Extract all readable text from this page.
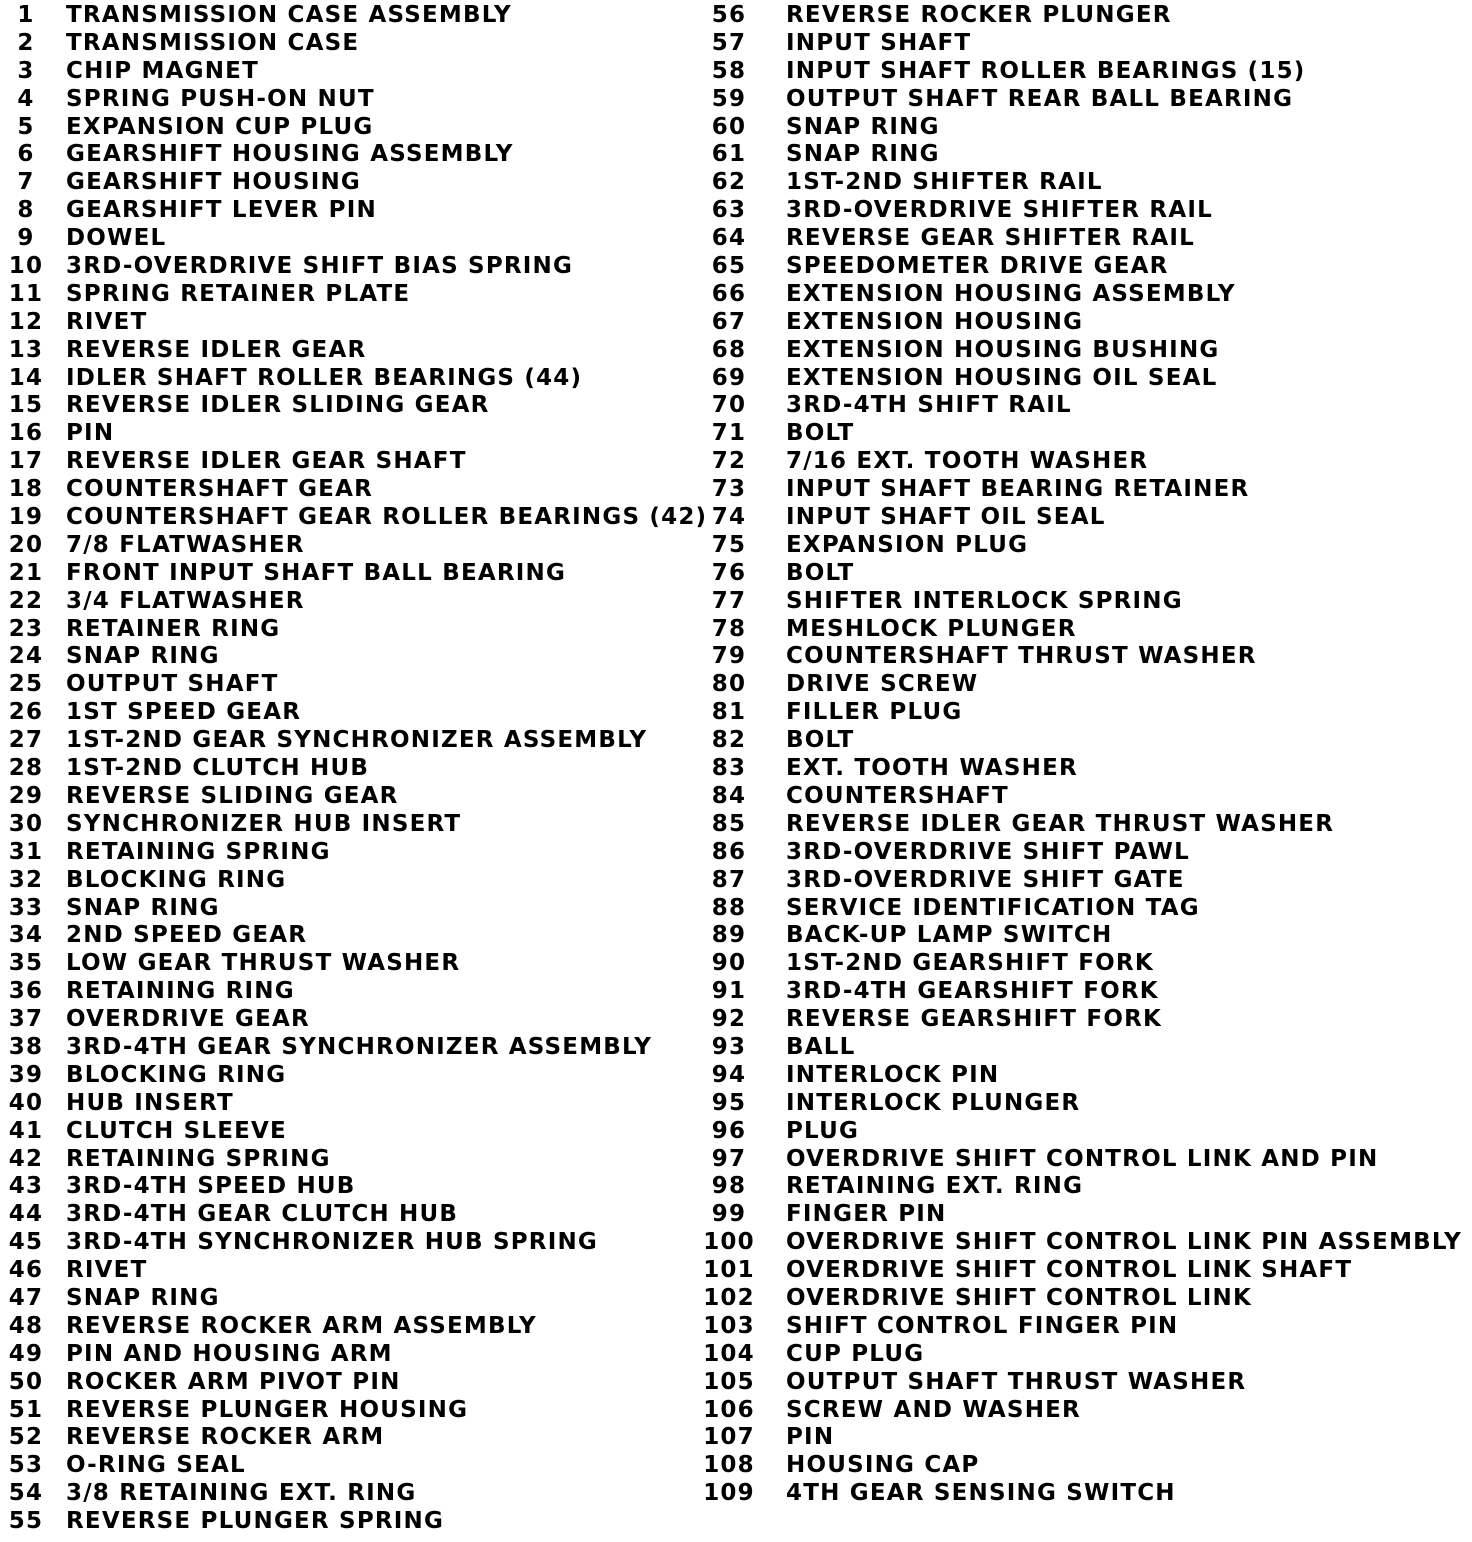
1	TRANSMISSION CASE ASSEMBLY
2	TRANSMISSION CASE
3	CHIP MAGNET
4	SPRING PUSH-ON NUT
5	EXPANSION CUP PLUG
6	GEARSHIFT HOUSING ASSEMBLY
7	GEARSHIFT HOUSING
8	GEARSHIFT LEVER PIN
9	DOWEL
10 3RD-OVERDRIVE SHIFT BIAS SPRING
11 SPRING RETAINER PLATE
12 RIVET
13 REVERSE IDLER GEAR
14 IDLER SHAFT ROLLER BEARINGS (44)
15 REVERSE IDLER SLIDING GEAR
16 PIN
17 REVERSE IDLER GEAR SHAFT
18 COUNTERSHAFT GEAR
19 COUNTERSHAFT GEAR ROLLER BEARINGS (42)
20 7/8 FLATWASHER
21 FRONT INPUT SHAFT BALL BEARING
22 3/4 FLATWASHER
23 RETAINER RING
24 SNAP RING
25 OUTPUT SHAFT
26 1ST SPEED GEAR
27 1ST-2ND GEAR SYNCHRONIZER ASSEMBLY
28 1ST-2ND CLUTCH HUB
29 REVERSE SLIDING GEAR
30 SYNCHRONIZER HUB INSERT
31 RETAINING SPRING
32 BLOCKING RING
33 SNAP RING
34 2ND SPEED GEAR
35 LOW GEAR THRUST WASHER
36 RETAINING RING
37 OVERDRIVE GEAR
38 3RD-4TH GEAR SYNCHRONIZER ASSEMBLY
39 BLOCKING RING
40 HUB INSERT
41 CLUTCH SLEEVE
42 RETAINING SPRING
43 3RD-4TH SPEED HUB
44 3RD-4TH GEAR CLUTCH HUB
45 3RD-4TH SYNCHRONIZER HUB SPRING
46 RIVET
47 SNAP RING
48 REVERSE ROCKER ARM ASSEMBLY
49 PIN AND HOUSING ARM
50 ROCKER ARM PIVOT PIN
51 REVERSE PLUNGER HOUSING
52 REVERSE ROCKER ARM
53 O-RING SEAL
54 3/8 RETAINING EXT. RING
55 REVERSE PLUNGER SPRING
56	REVERSE ROCKER PLUNGER
57	INPUT SHAFT
58	INPUT SHAFT ROLLER BEARINGS (15)
59	OUTPUT SHAFT REAR BALL BEARING
60	SNAP RING
61	SNAP RING
62	1ST-2ND SHIFTER RAIL
63	3RD-OVERDRIVE SHIFTER RAIL
64	REVERSE GEAR SHIFTER RAIL
65	SPEEDOMETER DRIVE GEAR
66	EXTENSION HOUSING ASSEMBLY
67	EXTENSION HOUSING
68	EXTENSION HOUSING BUSHING
69	EXTENSION HOUSING OIL SEAL
70	3RD-4TH SHIFT RAIL
71	BOLT
72	7/16 EXT. TOOTH WASHER
73	INPUT SHAFT BEARING RETAINER
74	INPUT SHAFT OIL SEAL
75	EXPANSION PLUG
76	BOLT
77	SHIFTER INTERLOCK SPRING
78	MESHLOCK PLUNGER
79	COUNTERSHAFT THRUST WASHER
80	DRIVE SCREW
81	FILLER PLUG
82	BOLT
83	EXT. TOOTH WASHER
84	COUNTERSHAFT
85	REVERSE IDLER GEAR THRUST WASHER
86	3RD-OVERDRIVE SHIFT PAWL
87	3RD-OVERDRIVE SHIFT GATE
88	SERVICE IDENTIFICATION TAG
89	BACK-UP LAMP SWITCH
90	1ST-2ND GEARSHIFT FORK
91	3RD-4TH GEARSHIFT FORK
92	REVERSE GEARSHIFT FORK
93	BALL
94	INTERLOCK PIN
95	INTERLOCK PLUNGER
96	PLUG
97	OVERDRIVE SHIFT CONTROL LINK AND PIN
98	RETAINING EXT. RING
99	FINGER PIN
100 OVERDRIVE SHIFT CONTROL LINK PIN ASSEMBLY
101 OVERDRIVE SHIFT CONTROL LINK SHAFT
102 OVERDRIVE SHIFT CONTROL LINK
103 SHIFT CONTROL FINGER PIN
104 CUP PLUG
105 OUTPUT SHAFT THRUST WASHER
106 SCREW AND WASHER
107 PIN
108 HOUSING CAP
109 4TH GEAR SENSING SWITCH
